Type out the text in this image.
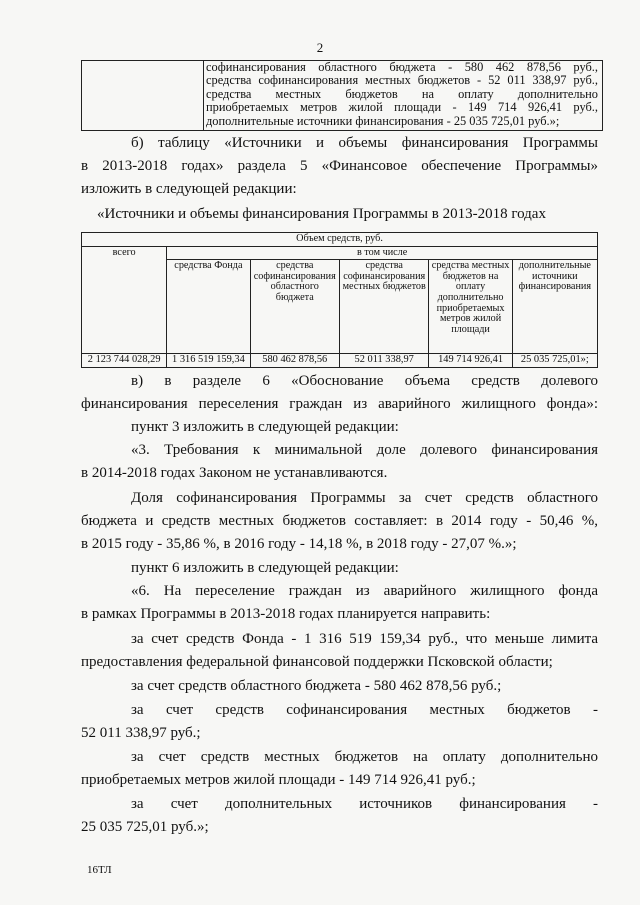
2
софинансирования областного бюджета - 580 462 878,56 руб.,
средства софинансирования местных бюджетов - 52 011 338,97 руб.,
средства местных бюджетов на оплату дополнительно
приобретаемых метров жилой площади - 149 714 926,41 руб.,
дополнительные источники финансирования - 25 035 725,01 руб.»;
б) таблицу «Источники и объемы финансирования Программы
в 2013-2018 годах» раздела 5 «Финансовое обеспечение Программы»
изложить в следующей редакции:
«Источники и объемы финансирования Программы в 2013-2018 годах
Объем средств, руб.					
всего	в том числе				
	средства Фонда	средства софинансирования областного бюджета	средства софинансирования местных бюджетов	средства местных бюджетов на оплату дополнительно приобретаемых метров жилой площади	дополнительные источники финансирования
2 123 744 028,29	1 316 519 159,34	580 462 878,56	52 011 338,97	149 714 926,41	25 035 725,01»;
в) в разделе 6 «Обоснование объема средств долевого
финансирования переселения граждан из аварийного жилищного фонда»:
пункт 3 изложить в следующей редакции:
«3. Требования к минимальной доле долевого финансирования
в 2014-2018 годах Законом не устанавливаются.
Доля софинансирования Программы за счет средств областного
бюджета и средств местных бюджетов составляет: в 2014 году - 50,46 %,
в 2015 году - 35,86 %, в 2016 году - 14,18 %, в 2018 году - 27,07 %.»;
пункт 6 изложить в следующей редакции:
«6. На переселение граждан из аварийного жилищного фонда
в рамках Программы в 2013-2018 годах планируется направить:
за счет средств Фонда - 1 316 519 159,34 руб., что меньше лимита
предоставления федеральной финансовой поддержки Псковской области;
за счет средств областного бюджета - 580 462 878,56 руб.;
за счет средств софинансирования местных бюджетов -
52 011 338,97 руб.;
за счет средств местных бюджетов на оплату дополнительно
приобретаемых метров жилой площади - 149 714 926,41 руб.;
за счет дополнительных источников финансирования -
25 035 725,01 руб.»;
16ТЛ
